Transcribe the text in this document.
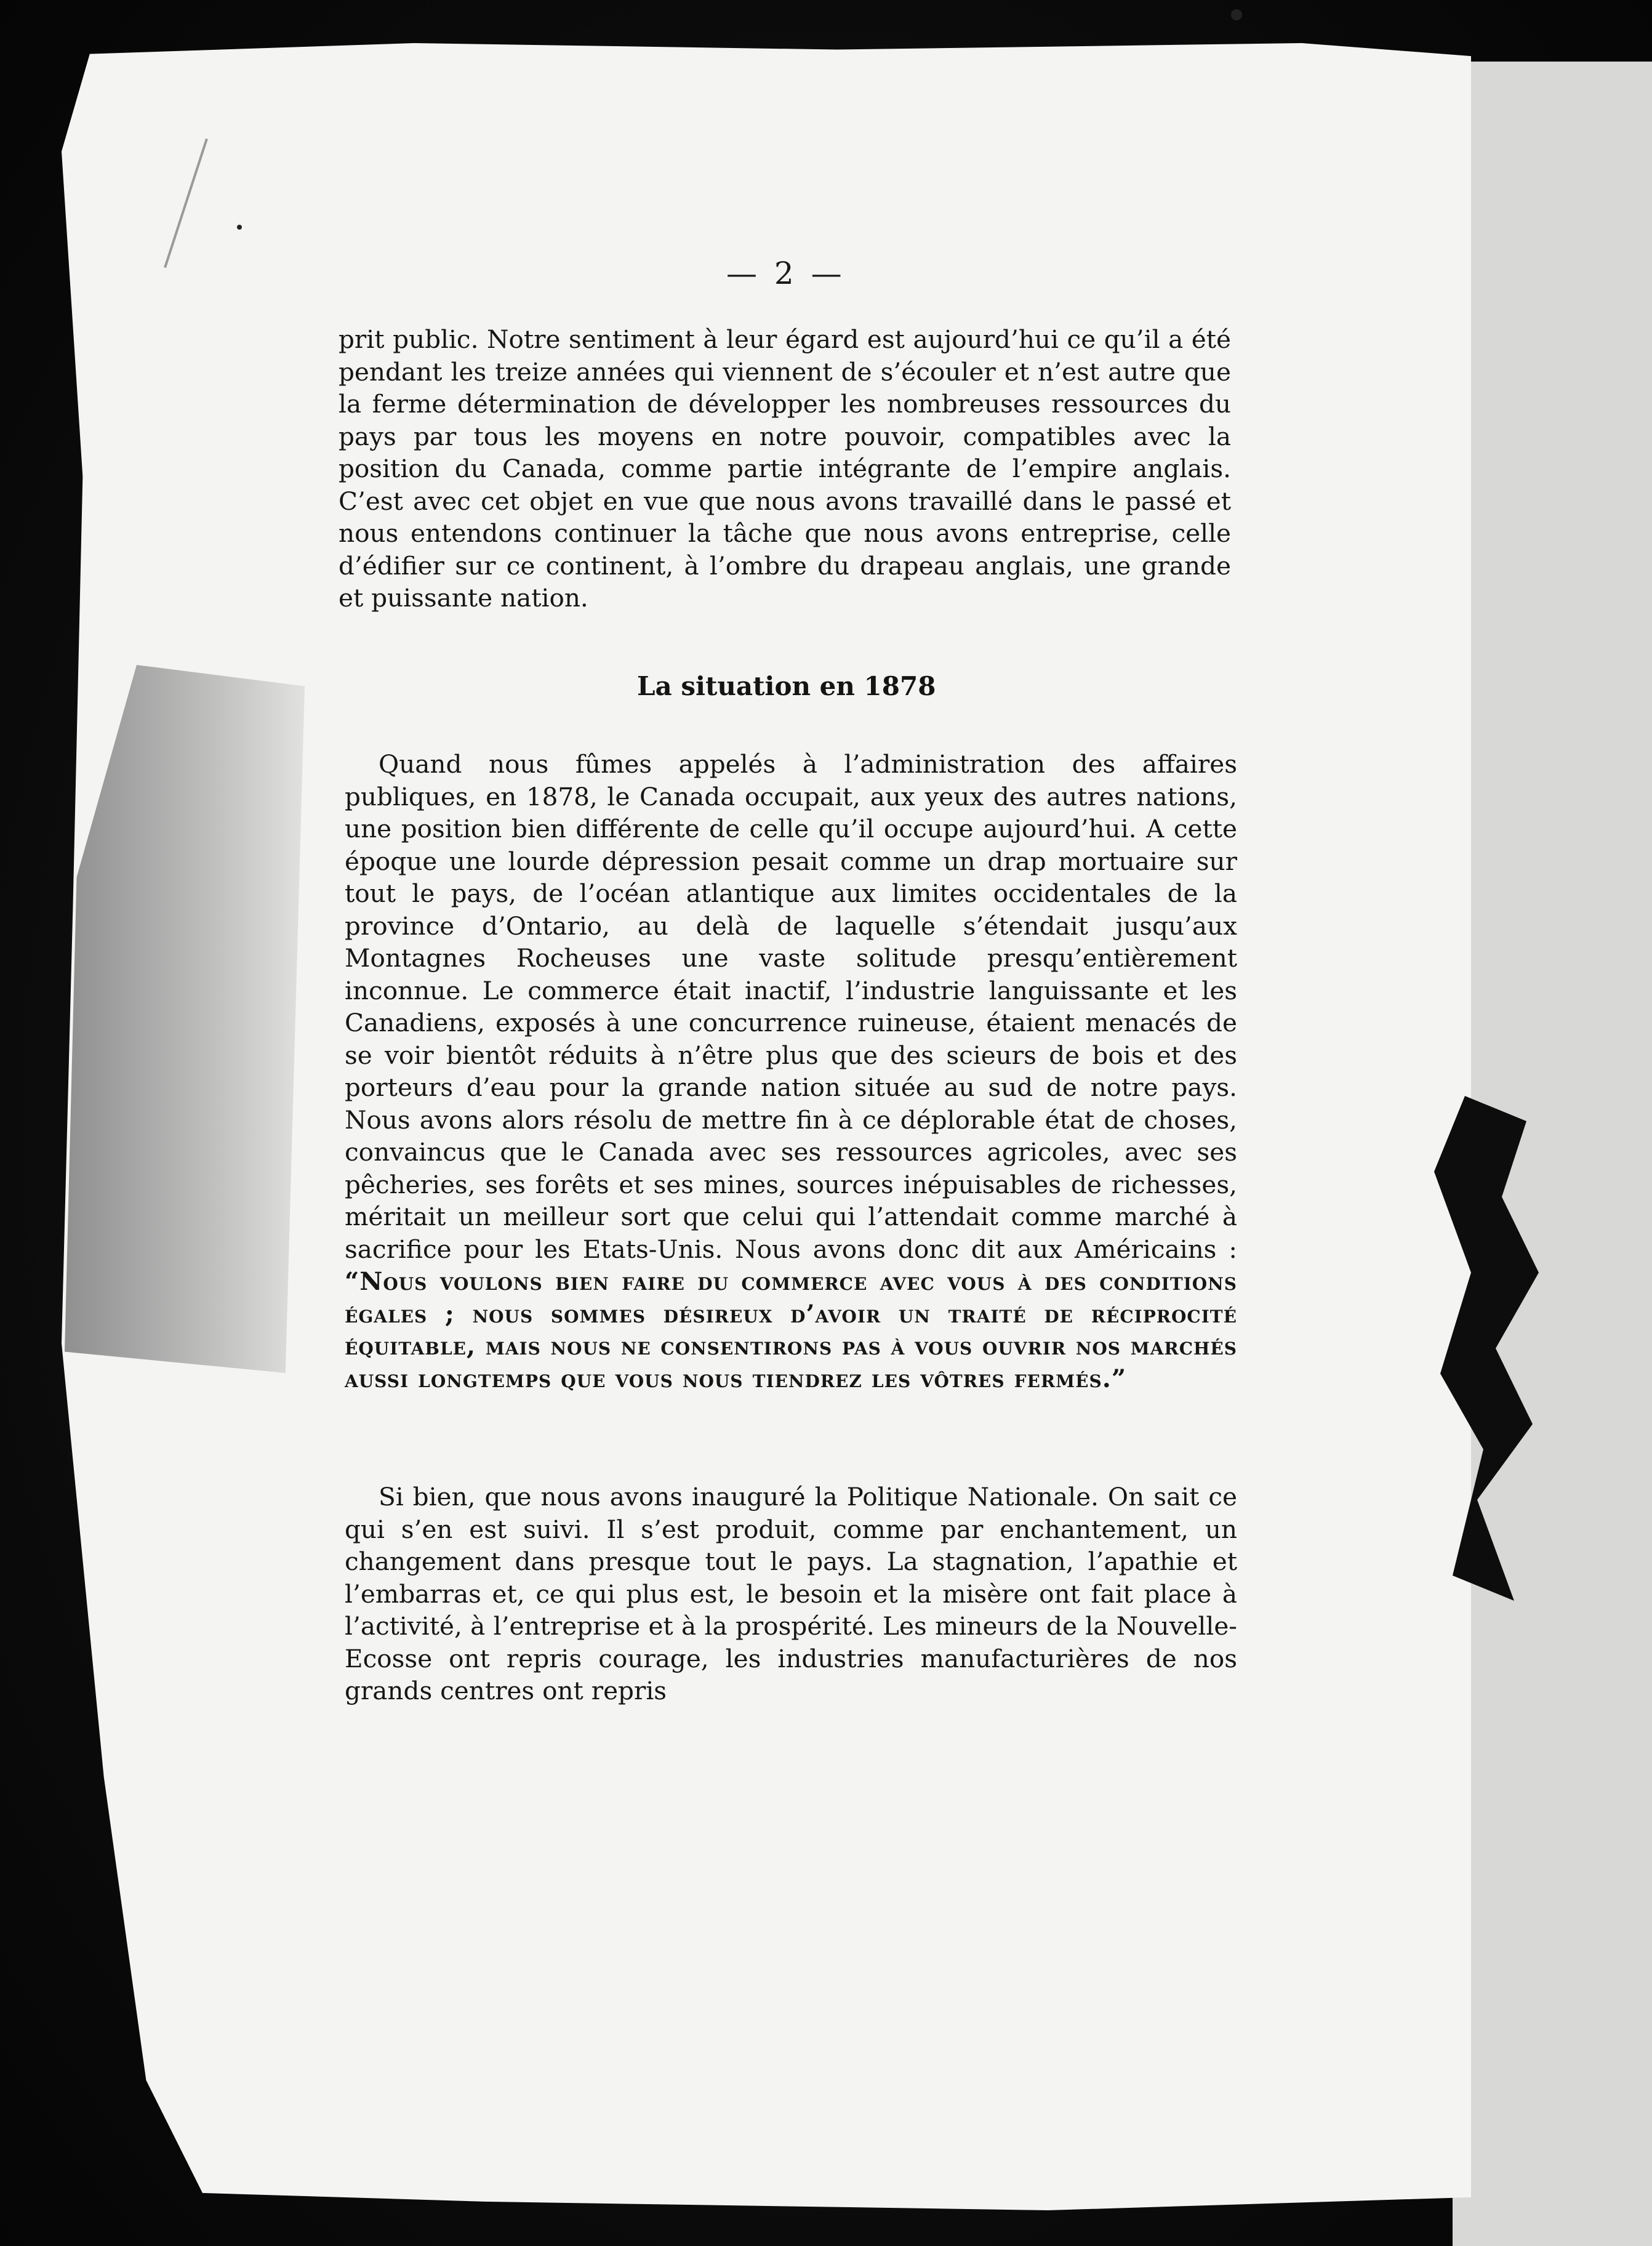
— 2 —

prit public. Notre sentiment à leur égard est aujourd’hui ce qu’il a été pendant les treize années qui viennent de s’écouler et n’est autre que la ferme détermination de développer les nombreuses ressources du pays par tous les moyens en notre pouvoir, compatibles avec la position du Canada, comme partie intégrante de l’empire anglais. C’est avec cet objet en vue que nous avons travaillé dans le passé et nous entendons continuer la tâche que nous avons entreprise, celle d’édifier sur ce continent, à l’ombre du drapeau anglais, une grande et puissante nation.

La situation en 1878

Quand nous fûmes appelés à l’administration des affaires publiques, en 1878, le Canada occupait, aux yeux des autres nations, une position bien différente de celle qu’il occupe aujourd’hui. A cette époque une lourde dépression pesait comme un drap mortuaire sur tout le pays, de l’océan atlantique aux limites occidentales de la province d’Ontario, au delà de laquelle s’étendait jusqu’aux Montagnes Rocheuses une vaste solitude presqu’entièrement inconnue. Le commerce était inactif, l’industrie languissante et les Canadiens, exposés à une concurrence ruineuse, étaient menacés de se voir bientôt réduits à n’être plus que des scieurs de bois et des porteurs d’eau pour la grande nation située au sud de notre pays. Nous avons alors résolu de mettre fin à ce déplorable état de choses, convaincus que le Canada avec ses ressources agricoles, avec ses pêcheries, ses forêts et ses mines, sources inépuisables de richesses, méritait un meilleur sort que celui qui l’attendait comme marché à sacrifice pour les Etats-Unis. Nous avons donc dit aux Américains : “Nous voulons bien faire du commerce avec vous à des conditions égales ; nous sommes désireux d’avoir un traité de réciprocité équitable, mais nous ne consentirons pas à vous ouvrir nos marchés aussi longtemps que vous nous tiendrez les vôtres fermés.”

Si bien, que nous avons inauguré la Politique Nationale. On sait ce qui s’en est suivi. Il s’est produit, comme par enchantement, un changement dans presque tout le pays. La stagnation, l’apathie et l’embarras et, ce qui plus est, le besoin et la misère ont fait place à l’activité, à l’entreprise et à la prospérité. Les mineurs de la Nouvelle-Ecosse ont repris courage, les industries manufacturières de nos grands centres ont repris
